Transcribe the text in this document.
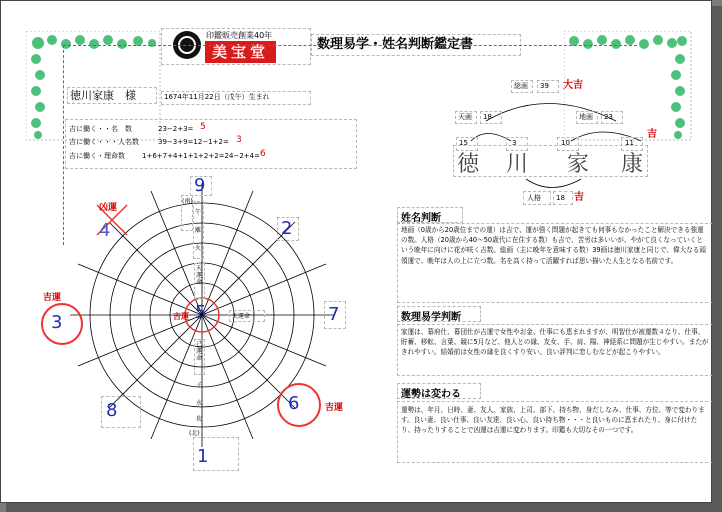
印鑑販売創業40年
美宝堂	数理易学・姓名判断鑑定書
徳川家康　様	1674年11月22日（戊午）生まれ
吉に働く・・名　数	23−2+3= 5
吉に働く・・・人名数	39−3+9=12−1+2= 3
吉に働く・理命数 1+6+7+4+1+1+2+2=24−2+4= 6
総画 39 大吉
天画 18	地画 23
吉
15	3	10	11
徳 川 家 康
人格 18 吉
(南)
午
離
火
天運命
己運命
天運命
子
水
坎
(北)
9
2
7
6	吉運
1
8
3
吉運
4
凶運
5
吉運
姓名判断
地画（0歳から20歳位までの運）は吉で、運が強く問題が起きても何事もなかったこと解決できる強運の数。人格（20歳から40〜50歳代に在住する数）も吉で、苦労は多いいが、やがて良くなっていくという晩年に向けに花が咲く吉数。総画（主に晩年を意味する数）39画は徳川家康と同じで、偉大なる頭領運で、晩年は人の上に立つ数。名を高く持って活躍すれば思い描いた人生となる名前です。
数理易学判断
家運は、幕府仕、幕団仕が吉運で女性やお金、仕事にも恵まれますが、明智仕が被運数４なり、仕事、貯蓄、移転、言葉、競に5月など、他人との縁、友女、手、肩、陽、神経系に問題が生じやすい。またがきれやすい。結婚前は女性の縁を良くすり安い。良い評判に恋しむなどが起こりやすい。
運勢は変わる
運勢は、年月、日時、妻、友人、家族、上司、部下、持ち物、身だしなみ、仕事、方位、等で変わります。良い妻、良い仕事、良い友達、良い心、良い持ち物・・・と良いものに恵まれたり、身に付けたり、持ったりすることで凶運は吉運に変わります。印鑑も大切なその一つです。
